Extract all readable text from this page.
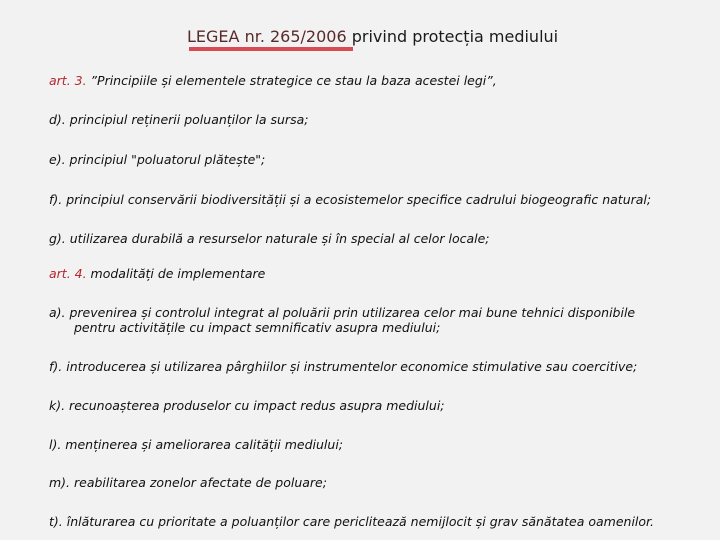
LEGEA nr. 265/2006 privind protecția mediului
art. 3. ”Principiile și elementele strategice ce stau la baza acestei legi”,
d). principiul reținerii poluanților la sursa;
e). principiul "poluatorul plătește";
f). principiul conservării biodiversității și a ecosistemelor specifice cadrului biogeografic natural;
g). utilizarea durabilă a resurselor naturale și în special al celor locale;
art. 4. modalități de implementare
a). prevenirea și controlul integrat al poluării prin utilizarea celor mai bune tehnici disponibile
pentru activitățile cu impact semnificativ asupra mediului;
f). introducerea și utilizarea pârghiilor și instrumentelor economice stimulative sau coercitive;
k). recunoașterea produselor cu impact redus asupra mediului;
l). menținerea și ameliorarea calității mediului;
m). reabilitarea zonelor afectate de poluare;
t). înlăturarea cu prioritate a poluanților care periclitează nemijlocit și grav sănătatea oamenilor.
